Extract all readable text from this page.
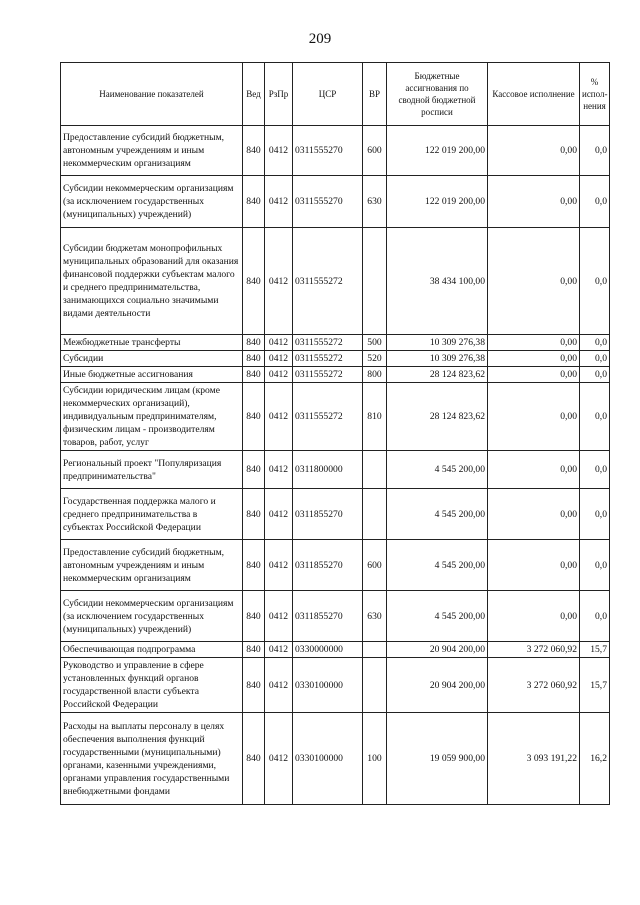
209
Наименование показателей	Вед	РзПр	ЦСР	ВР	Бюджетные ассигнования по сводной бюджетной росписи	Кассовое исполнение	% испол-нения
Предоставление субсидий бюджетным, автономным учреждениям и иным некоммерческим организациям	840	0412	0311555270	600	122 019 200,00	0,00	0,0
Субсидии некоммерческим организациям (за исключением государственных (муниципальных) учреждений)	840	0412	0311555270	630	122 019 200,00	0,00	0,0
Субсидии бюджетам монопрофильных муниципальных образований для оказания финансовой поддержки субъектам малого и среднего предпринимательства, занимающихся социально значимыми видами деятельности	840	0412	0311555272		38 434 100,00	0,00	0,0
Межбюджетные трансферты	840	0412	0311555272	500	10 309 276,38	0,00	0,0
Субсидии	840	0412	0311555272	520	10 309 276,38	0,00	0,0
Иные бюджетные ассигнования	840	0412	0311555272	800	28 124 823,62	0,00	0,0
Субсидии юридическим лицам (кроме некоммерческих организаций), индивидуальным предпринимателям, физическим лицам - производителям товаров, работ, услуг	840	0412	0311555272	810	28 124 823,62	0,00	0,0
Региональный проект "Популяризация предпринимательства"	840	0412	0311800000		4 545 200,00	0,00	0,0
Государственная поддержка малого и среднего предпринимательства в субъектах Российской Федерации	840	0412	0311855270		4 545 200,00	0,00	0,0
Предоставление субсидий бюджетным, автономным учреждениям и иным некоммерческим организациям	840	0412	0311855270	600	4 545 200,00	0,00	0,0
Субсидии некоммерческим организациям (за исключением государственных (муниципальных) учреждений)	840	0412	0311855270	630	4 545 200,00	0,00	0,0
Обеспечивающая подпрограмма	840	0412	0330000000		20 904 200,00	3 272 060,92	15,7
Руководство и управление в сфере установленных функций органов государственной власти субъекта Российской Федерации	840	0412	0330100000		20 904 200,00	3 272 060,92	15,7
Расходы на выплаты персоналу в целях обеспечения выполнения функций государственными (муниципальными) органами, казенными учреждениями, органами управления государственными внебюджетными фондами	840	0412	0330100000	100	19 059 900,00	3 093 191,22	16,2
